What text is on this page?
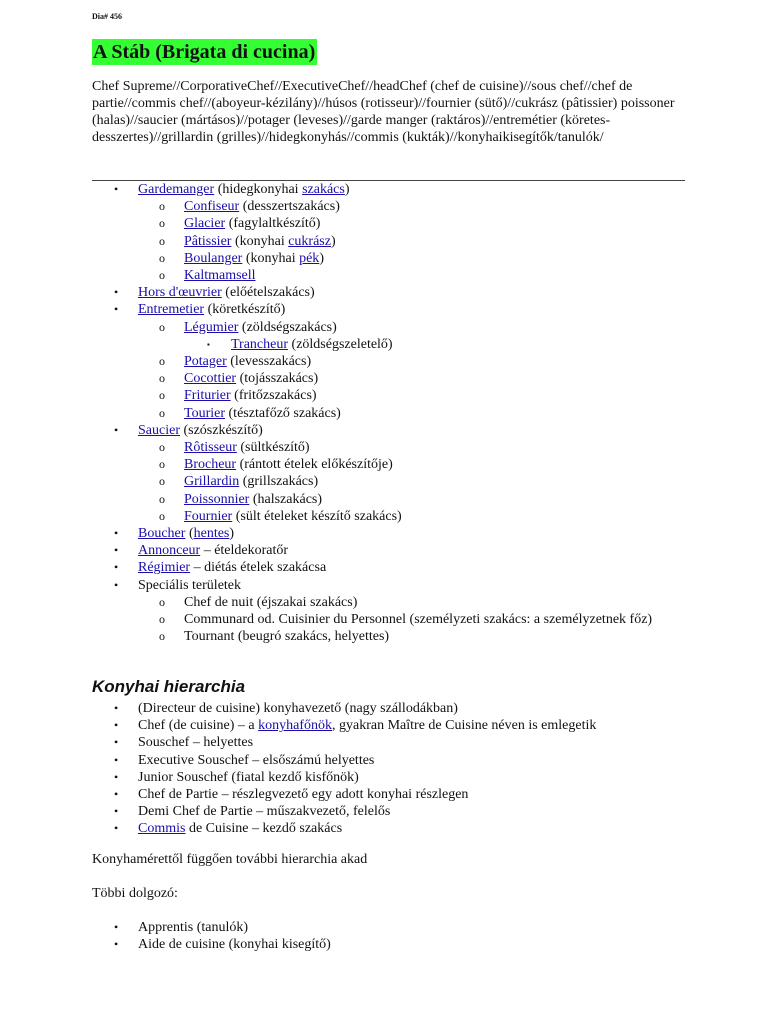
Dia# 456
A Stáb (Brigata di cucina)
Chef Supreme//CorporativeChef//ExecutiveChef//headChef (chef de cuisine)//sous chef//chef de partie//commis chef//(aboyeur-kézilány)//húsos (rotisseur)//fournier (sütő)//cukrász (pâtissier) poissoner (halas)//saucier (mártásos)//potager (leveses)//garde manger (raktáros)//entremétier (köretes-desszertes)//grillardin (grilles)//hidegkonyhás//commis (kukták)//konyhaikisegítők/tanulók/
• Gardemanger (hidegkonyhai szakács)
o Confiseur (desszertszakács)
o Glacier (fagylaltkészítő)
o Pâtissier (konyhai cukrász)
o Boulanger (konyhai pék)
o Kaltmamsell
• Hors d'œuvrier (előételszakács)
• Entremetier (köretkészítő)
o Légumier (zöldségszakács)
▪ Trancheur (zöldségszeletelő)
o Potager (levesszakács)
o Cocottier (tojásszakács)
o Friturier (fritőzszakács)
o Tourier (tésztafőző szakács)
• Saucier (szószkészítő)
o Rôtisseur (sültkészítő)
o Brocheur (rántott ételek előkészítője)
o Grillardin (grillszakács)
o Poissonnier (halszakács)
o Fournier (sült ételeket készítő szakács)
• Boucher (hentes)
• Annonceur – ételdekoratőr
• Régimier – diétás ételek szakácsa
• Speciális területek
o Chef de nuit (éjszakai szakács)
o Communard od. Cuisinier du Personnel (személyzeti szakács: a személyzetnek főz)
o Tournant (beugró szakács, helyettes)
Konyhai hierarchia
• (Directeur de cuisine) konyhavezető (nagy szállodákban)
• Chef (de cuisine) – a konyhafőnök, gyakran Maître de Cuisine néven is emlegetik
• Souschef – helyettes
• Executive Souschef – elsőszámú helyettes
• Junior Souschef (fiatal kezdő kisfőnök)
• Chef de Partie – részlegvezető egy adott konyhai részlegen
• Demi Chef de Partie – műszakvezető, felelős
• Commis de Cuisine – kezdő szakács
Konyhamérettől függően további hierarchia akad
Többi dolgozó:
• Apprentis (tanulók)
• Aide de cuisine (konyhai kisegítő)
